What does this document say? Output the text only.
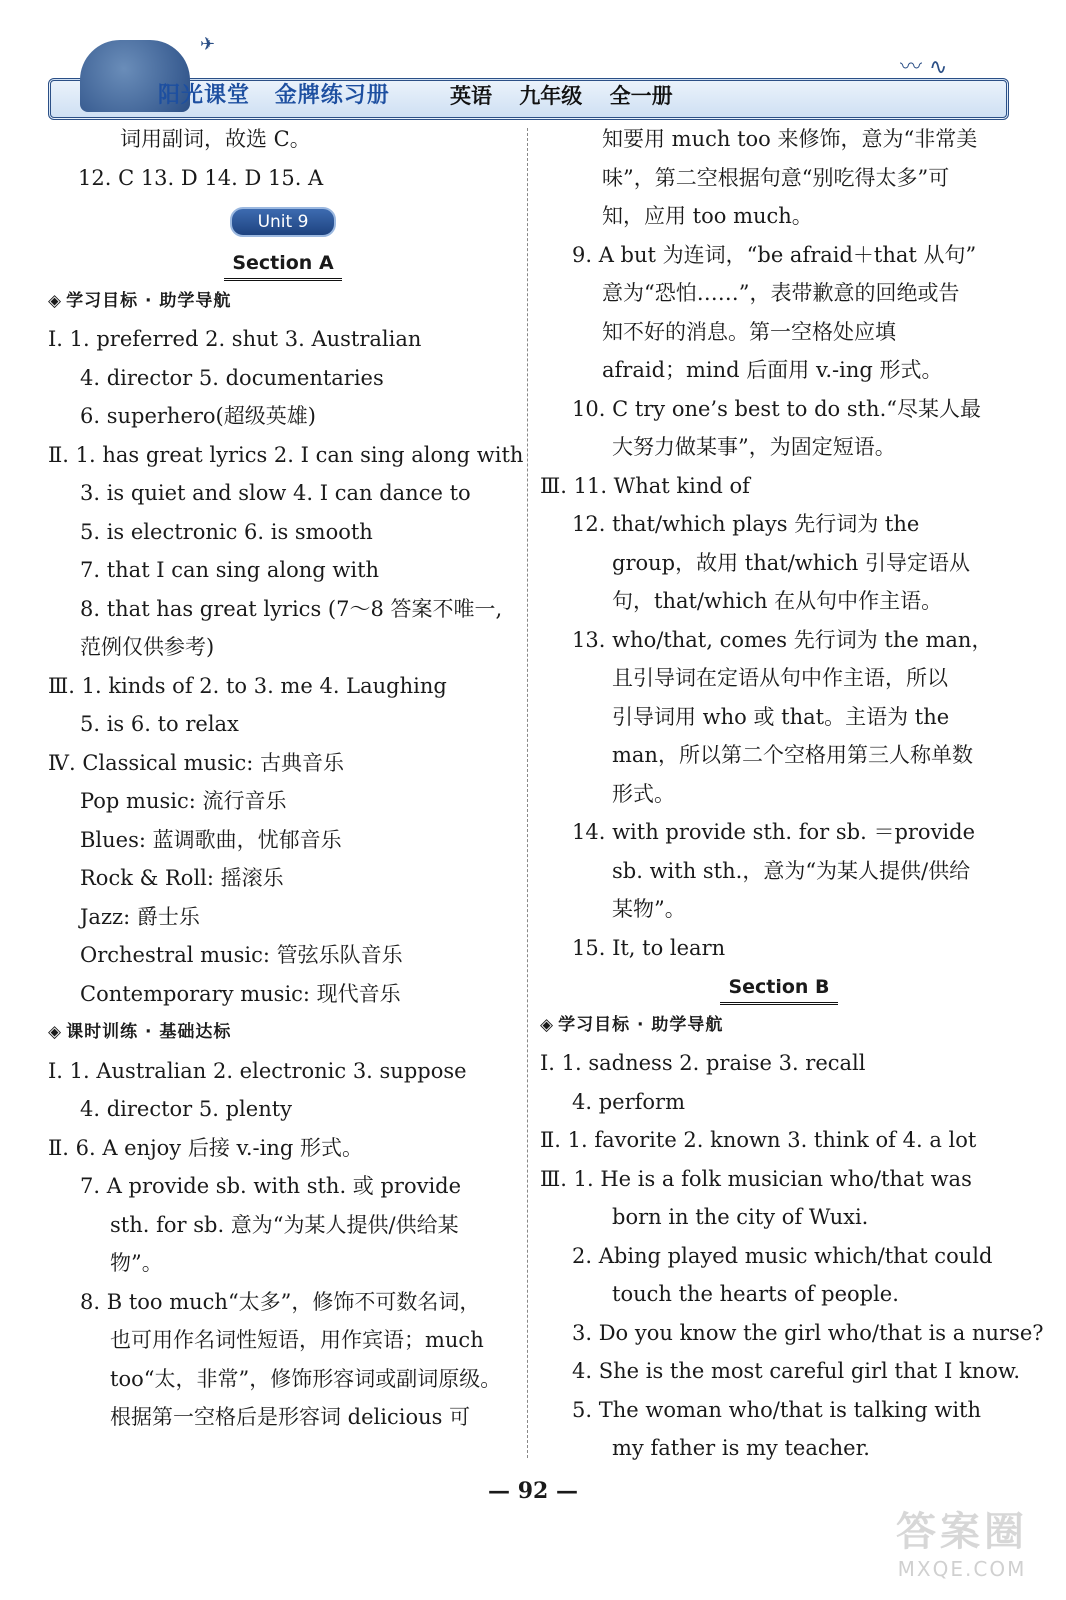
✈
阳光课堂 金牌练习册	英语 九年级 全一册
〰 ∿
词用副词，故选 C。
12. C 13. D 14. D 15. A
Unit 9
Section A
◈ 学习目标 · 助学导航
Ⅰ. 1. preferred 2. shut 3. Australian
4. director 5. documentaries
6. superhero(超级英雄)
Ⅱ. 1. has great lyrics 2. I can sing along with
3. is quiet and slow 4. I can dance to
5. is electronic 6. is smooth
7. that I can sing along with
8. that has great lyrics (7～8 答案不唯一,
范例仅供参考)
Ⅲ. 1. kinds of 2. to 3. me 4. Laughing
5. is 6. to relax
Ⅳ. Classical music: 古典音乐
Pop music: 流行音乐
Blues: 蓝调歌曲，忧郁音乐
Rock & Roll: 摇滚乐
Jazz: 爵士乐
Orchestral music: 管弦乐队音乐
Contemporary music: 现代音乐
◈ 课时训练 · 基础达标
Ⅰ. 1. Australian 2. electronic 3. suppose
4. director 5. plenty
Ⅱ. 6. A enjoy 后接 v.-ing 形式。
7. A provide sb. with sth. 或 provide
sth. for sb. 意为“为某人提供/供给某
物”。
8. B too much“太多”，修饰不可数名词，
也可用作名词性短语，用作宾语；much
too“太，非常”，修饰形容词或副词原级。
根据第一空格后是形容词 delicious 可
知要用 much too 来修饰，意为“非常美
味”，第二空根据句意“别吃得太多”可
知，应用 too much。
9. A but 为连词，“be afraid＋that 从句”
意为“恐怕……”，表带歉意的回绝或告
知不好的消息。第一空格处应填
afraid；mind 后面用 v.-ing 形式。
10. C try one’s best to do sth.“尽某人最
大努力做某事”，为固定短语。
Ⅲ. 11. What kind of
12. that/which plays 先行词为 the
group，故用 that/which 引导定语从
句，that/which 在从句中作主语。
13. who/that, comes 先行词为 the man，
且引导词在定语从句中作主语，所以
引导词用 who 或 that。主语为 the
man，所以第二个空格用第三人称单数
形式。
14. with provide sth. for sb. ＝provide
sb. with sth.，意为“为某人提供/供给
某物”。
15. It, to learn
Section B
◈ 学习目标 · 助学导航
Ⅰ. 1. sadness 2. praise 3. recall
4. perform
Ⅱ. 1. favorite 2. known 3. think of 4. a lot
Ⅲ. 1. He is a folk musician who/that was
born in the city of Wuxi.
2. Abing played music which/that could
touch the hearts of people.
3. Do you know the girl who/that is a nurse?
4. She is the most careful girl that I know.
5. The woman who/that is talking with
my father is my teacher.
— 92 —
答案圈
MXQE.COM
